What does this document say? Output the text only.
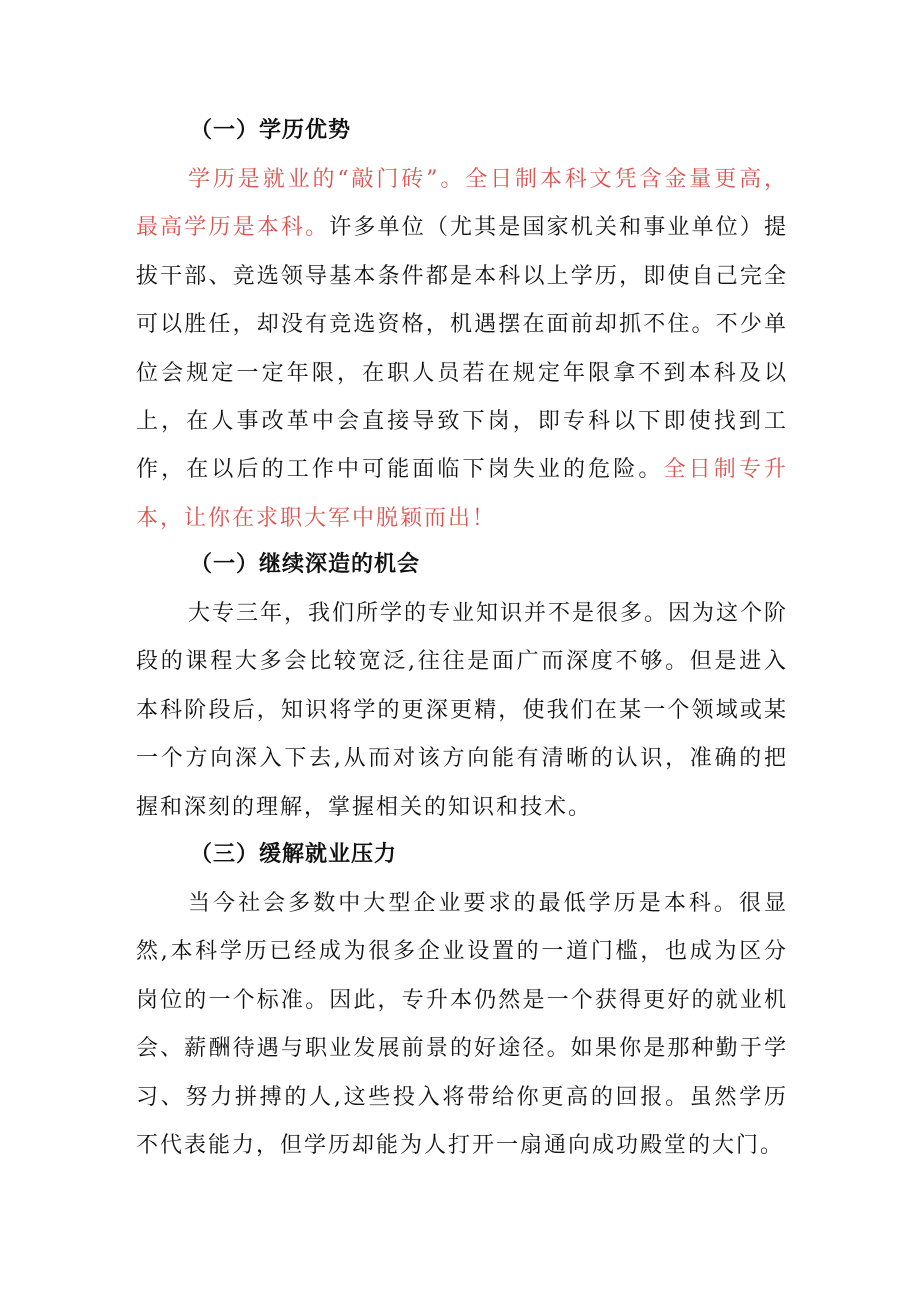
（一）学历优势

学历是就业的“敲门砖”。全日制本科文凭含金量更高，最高学历是本科。许多单位（尤其是国家机关和事业单位）提拔干部、竞选领导基本条件都是本科以上学历，即使自己完全可以胜任，却没有竞选资格，机遇摆在面前却抓不住。不少单位会规定一定年限，在职人员若在规定年限拿不到本科及以上，在人事改革中会直接导致下岗，即专科以下即使找到工作，在以后的工作中可能面临下岗失业的危险。全日制专升本，让你在求职大军中脱颖而出！

（一）继续深造的机会

大专三年，我们所学的专业知识并不是很多。因为这个阶段的课程大多会比较宽泛,往往是面广而深度不够。但是进入本科阶段后，知识将学的更深更精，使我们在某一个领域或某一个方向深入下去,从而对该方向能有清晰的认识，准确的把握和深刻的理解，掌握相关的知识和技术。

（三）缓解就业压力

当今社会多数中大型企业要求的最低学历是本科。很显然,本科学历已经成为很多企业设置的一道门槛，也成为区分岗位的一个标准。因此，专升本仍然是一个获得更好的就业机会、薪酬待遇与职业发展前景的好途径。如果你是那种勤于学习、努力拼搏的人,这些投入将带给你更高的回报。虽然学历不代表能力，但学历却能为人打开一扇通向成功殿堂的大门。
